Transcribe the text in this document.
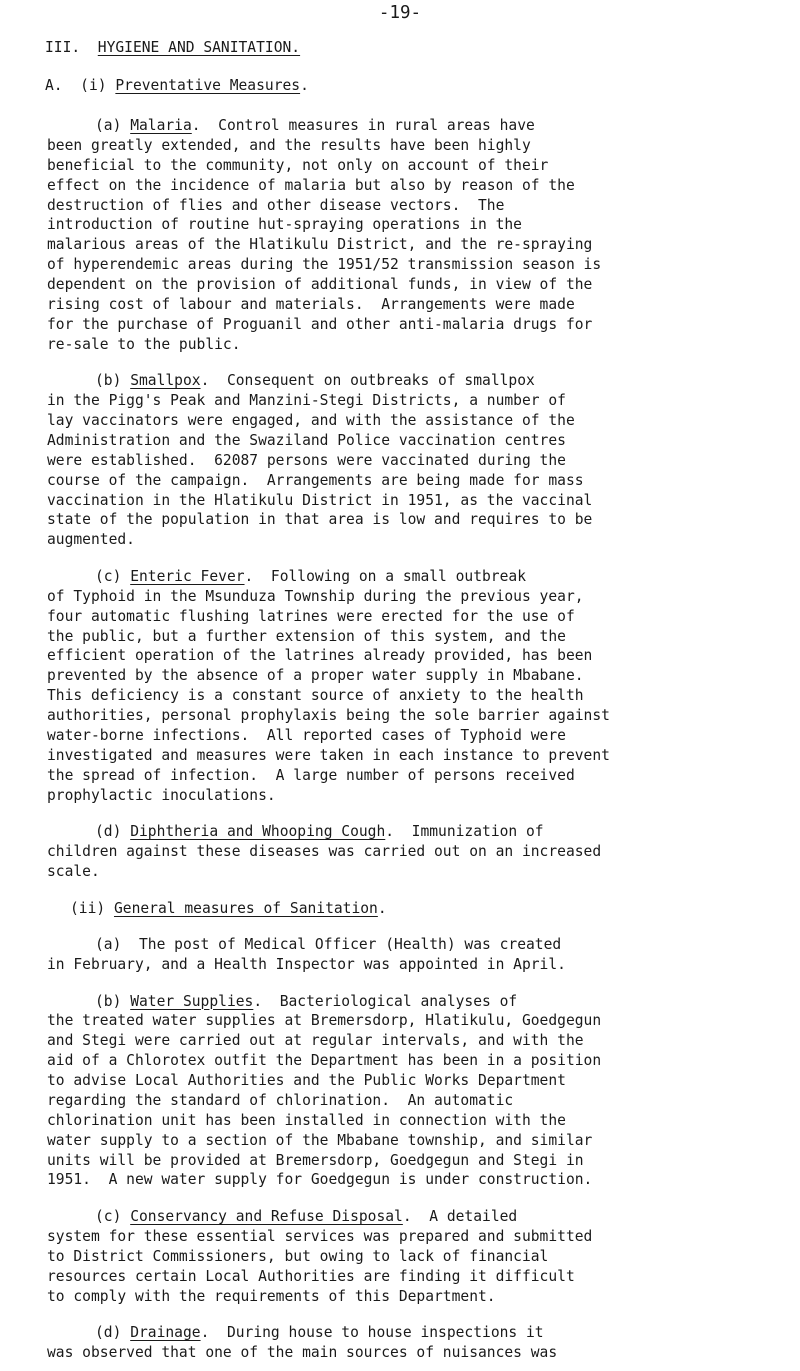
-19-
III. HYGIENE AND SANITATION.
A.  (i) Preventative Measures.
(a) Malaria.  Control measures in rural areas have
been greatly extended, and the results have been highly
beneficial to the community, not only on account of their
effect on the incidence of malaria but also by reason of the
destruction of flies and other disease vectors.  The
introduction of routine hut-spraying operations in the
malarious areas of the Hlatikulu District, and the re-spraying
of hyperendemic areas during the 1951/52 transmission season is
dependent on the provision of additional funds, in view of the
rising cost of labour and materials.  Arrangements were made
for the purchase of Proguanil and other anti-malaria drugs for
re-sale to the public.
(b) Smallpox.  Consequent on outbreaks of smallpox
in the Pigg's Peak and Manzini-Stegi Districts, a number of
lay vaccinators were engaged, and with the assistance of the
Administration and the Swaziland Police vaccination centres
were established.  62087 persons were vaccinated during the
course of the campaign.  Arrangements are being made for mass
vaccination in the Hlatikulu District in 1951, as the vaccinal
state of the population in that area is low and requires to be
augmented.
(c) Enteric Fever.  Following on a small outbreak
of Typhoid in the Msunduza Township during the previous year,
four automatic flushing latrines were erected for the use of
the public, but a further extension of this system, and the
efficient operation of the latrines already provided, has been
prevented by the absence of a proper water supply in Mbabane.
This deficiency is a constant source of anxiety to the health
authorities, personal prophylaxis being the sole barrier against
water-borne infections.  All reported cases of Typhoid were
investigated and measures were taken in each instance to prevent
the spread of infection.  A large number of persons received
prophylactic inoculations.
(d) Diphtheria and Whooping Cough.  Immunization of
children against these diseases was carried out on an increased
scale.
(ii) General measures of Sanitation.
(a) The post of Medical Officer (Health) was created
in February, and a Health Inspector was appointed in April.
(b) Water Supplies.  Bacteriological analyses of
the treated water supplies at Bremersdorp, Hlatikulu, Goedgegun
and Stegi were carried out at regular intervals, and with the
aid of a Chlorotex outfit the Department has been in a position
to advise Local Authorities and the Public Works Department
regarding the standard of chlorination.  An automatic
chlorination unit has been installed in connection with the
water supply to a section of the Mbabane township, and similar
units will be provided at Bremersdorp, Goedgegun and Stegi in
1951.  A new water supply for Goedgegun is under construction.
(c) Conservancy and Refuse Disposal.  A detailed
system for these essential services was prepared and submitted
to District Commissioners, but owing to lack of financial
resources certain Local Authorities are finding it difficult
to comply with the requirements of this Department.
(d) Drainage.  During house to house inspections it
was observed that one of the main sources of nuisances was
